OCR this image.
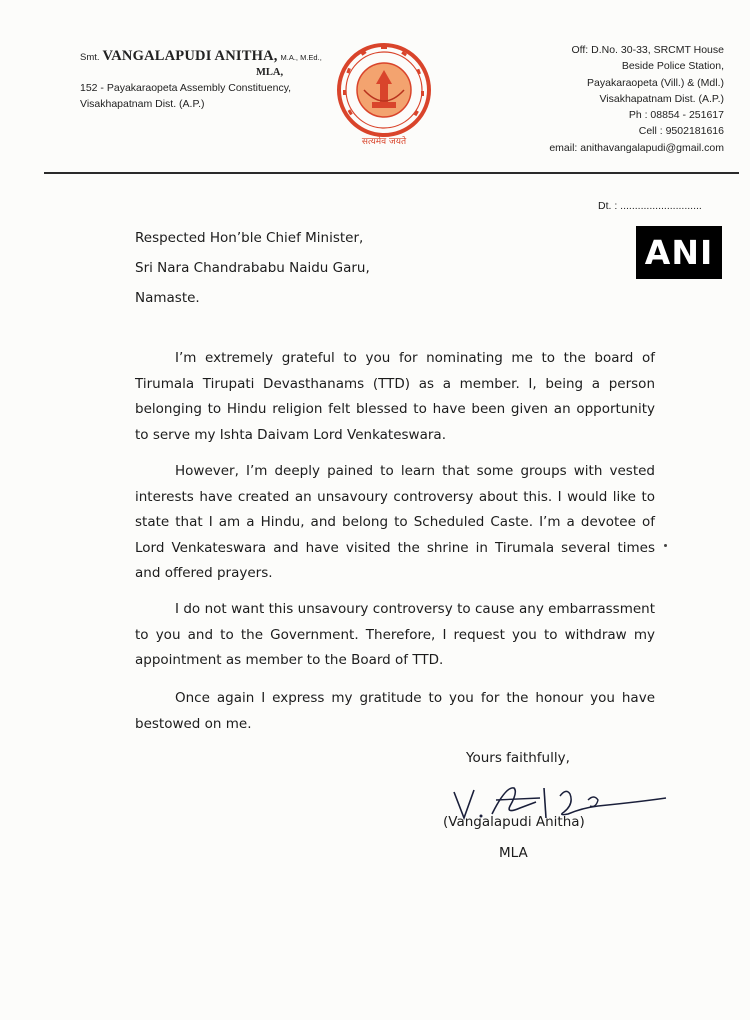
Smt. VANGALAPUDI ANITHA, M.A., M.Ed.,
MLA,
152 - Payakaraopeta Assembly Constituency,
Visakhapatnam Dist. (A.P.)
सत्यमेव जयते
Off: D.No. 30-33, SRCMT House
Beside Police Station,
Payakaraopeta (Vill.) & (Mdl.)
Visakhapatnam Dist. (A.P.)
Ph : 08854 - 251617
Cell : 9502181616
email: anithavangalapudi@gmail.com
Dt. : ............................
ANI
Respected Hon’ble Chief Minister,
Sri Nara Chandrababu Naidu Garu,
Namaste.
I’m extremely grateful to you for nominating me to the board of Tirumala Tirupati Devasthanams (TTD) as a member. I, being a person belonging to Hindu religion felt blessed to have been given an opportunity to serve my Ishta Daivam Lord Venkateswara.
However, I’m deeply pained to learn that some groups with vested interests have created an unsavoury controversy about this. I would like to state that I am a Hindu, and belong to Scheduled Caste. I’m a devotee of Lord Venkateswara and have visited the shrine in Tirumala several times and offered prayers.
I do not want this unsavoury controversy to cause any embarrassment to you and to the Government. Therefore, I request you to withdraw my appointment as member to the Board of TTD.
Once again I express my gratitude to you for the honour you have bestowed on me.
Yours faithfully,
(Vangalapudi Anitha)
MLA
